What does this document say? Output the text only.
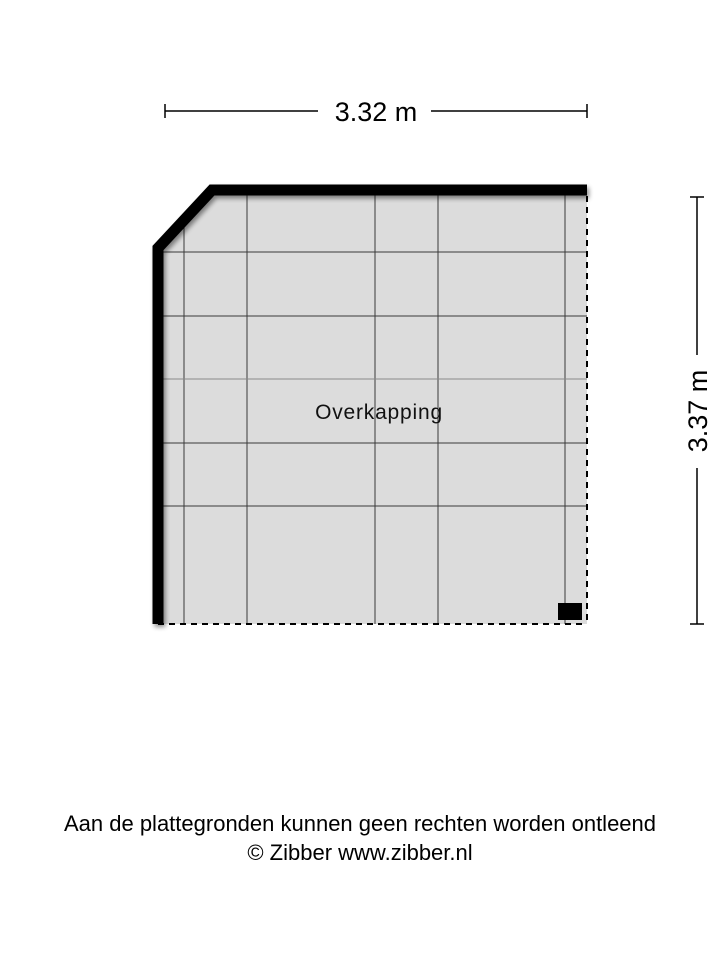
Overkapping
3.32 m
3.37 m
Aan de plattegronden kunnen geen rechten worden ontleend
© Zibber www.zibber.nl
